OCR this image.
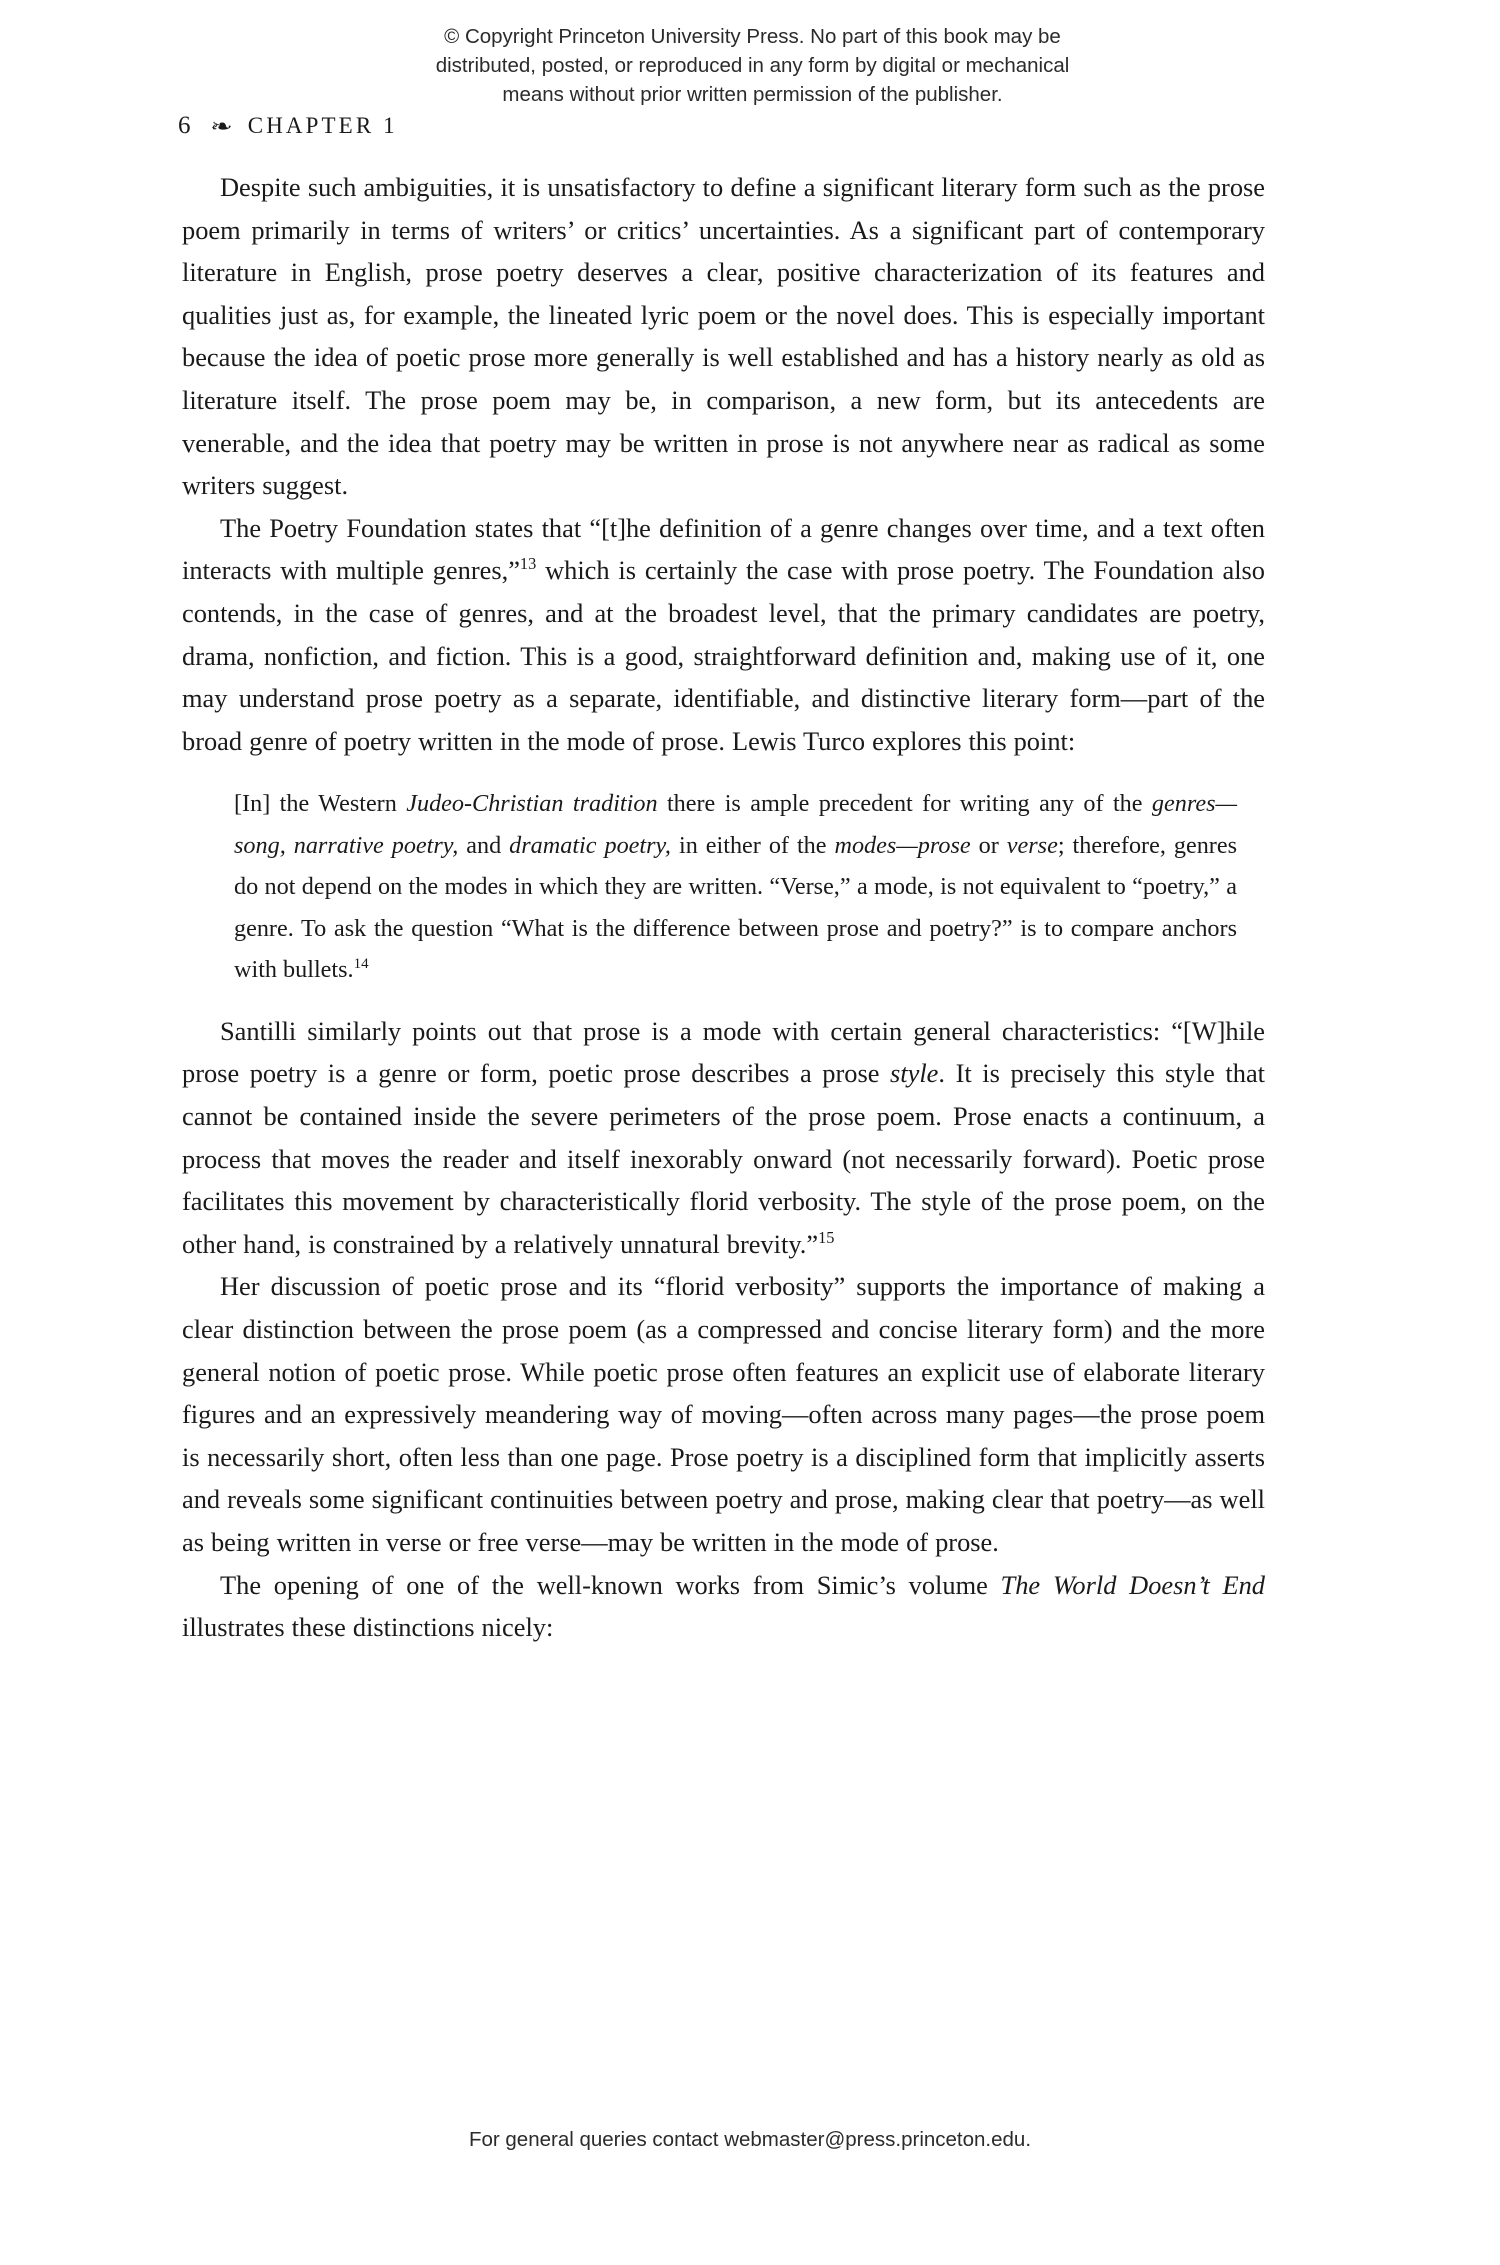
© Copyright Princeton University Press. No part of this book may be
distributed, posted, or reproduced in any form by digital or mechanical
means without prior written permission of the publisher.
6 ❧ CHAPTER 1

Despite such ambiguities, it is unsatisfactory to define a significant literary form such as the prose poem primarily in terms of writers’ or critics’ uncertainties. As a significant part of contemporary literature in English, prose poetry deserves a clear, positive characterization of its features and qualities just as, for example, the lineated lyric poem or the novel does. This is especially important because the idea of poetic prose more generally is well established and has a history nearly as old as literature itself. The prose poem may be, in comparison, a new form, but its antecedents are venerable, and the idea that poetry may be written in prose is not anywhere near as radical as some writers suggest.

The Poetry Foundation states that “[t]he definition of a genre changes over time, and a text often interacts with multiple genres,”$^{13}$ which is certainly the case with prose poetry. The Foundation also contends, in the case of genres, and at the broadest level, that the primary candidates are poetry, drama, nonfiction, and fiction. This is a good, straightforward definition and, making use of it, one may understand prose poetry as a separate, identifiable, and distinctive literary form—part of the broad genre of poetry written in the mode of prose. Lewis Turco explores this point:

[In] the Western Judeo-Christian tradition there is ample precedent for writing any of the genres—song, narrative poetry, and dramatic poetry, in either of the modes—prose or verse; therefore, genres do not depend on the modes in which they are written. “Verse,” a mode, is not equivalent to “poetry,” a genre. To ask the question “What is the difference between prose and poetry?” is to compare anchors with bullets.$^{14}$

Santilli similarly points out that prose is a mode with certain general characteristics: “[W]hile prose poetry is a genre or form, poetic prose describes a prose style. It is precisely this style that cannot be contained inside the severe perimeters of the prose poem. Prose enacts a continuum, a process that moves the reader and itself inexorably onward (not necessarily forward). Poetic prose facilitates this movement by characteristically florid verbosity. The style of the prose poem, on the other hand, is constrained by a relatively unnatural brevity.”$^{15}$

Her discussion of poetic prose and its “florid verbosity” supports the importance of making a clear distinction between the prose poem (as a compressed and concise literary form) and the more general notion of poetic prose. While poetic prose often features an explicit use of elaborate literary figures and an expressively meandering way of moving—often across many pages—the prose poem is necessarily short, often less than one page. Prose poetry is a disciplined form that implicitly asserts and reveals some significant continuities between poetry and prose, making clear that poetry—as well as being written in verse or free verse—may be written in the mode of prose.

The opening of one of the well-known works from Simic’s volume The World Doesn’t End illustrates these distinctions nicely:

For general queries contact webmaster@press.princeton.edu.
